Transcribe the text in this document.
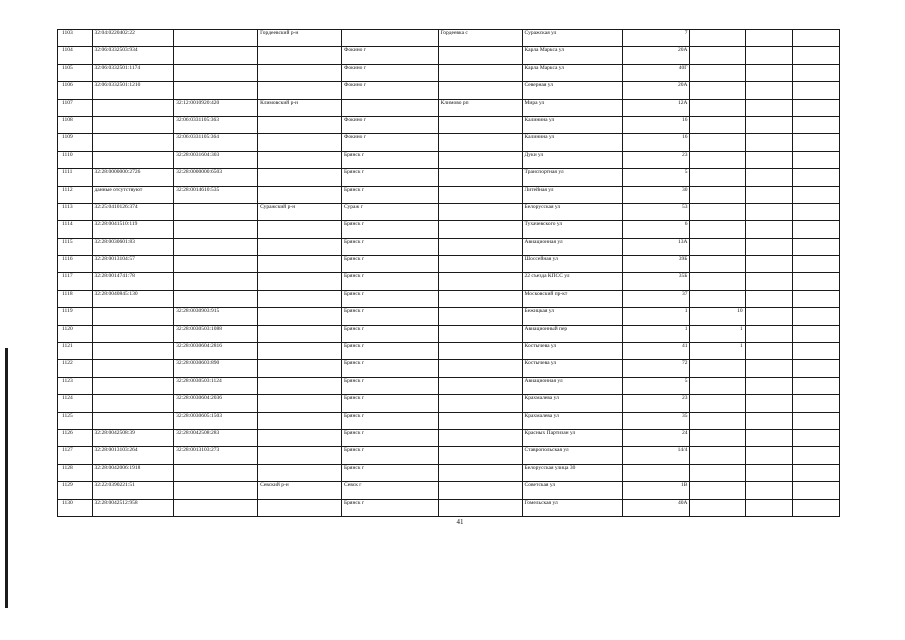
1103	32:04:0220402:22		Гордеевский р-н		Гордеевка с	Суражская ул	7			
1104	32:06:0332503:934			Фокино г		Карла Маркса ул	20А			
1105	32:06:0332501:1174			Фокино г		Карла Маркса ул	40Г			
1106	32:06:0332501:1210			Фокино г		Северная ул	20А			
1107		32:12:0010920:420	Климовский р-н		Климово рп	Мира ул	12А			
1108		32:06:0331105:363		Фокино г		Калинина ул	16			
1109		32:06:0331105:364		Фокино г		Калинина ул	16			
1110		32:28:0031604:303		Брянск г		Дуки ул	23			
1111	32:28:0000000:2726	32:28:0000000:6503		Брянск г		Транспортная ул	5			
1112	данные отсутствуют	32:28:0014610:535		Брянск г		Литейная ул	30			
1113	32:25:0410126:374		Суражский р-н	Сураж г		Белорусская ул	53			
1114	32:28:0041510:119			Брянск г		Тухачевского ул	6			
1115	32:28:0030601:83			Брянск г		Авиационная ул	13А			
1116	32:28:0013104:57			Брянск г		Шоссейная ул	39Б			
1117	32:28:0014741:78			Брянск г		22 съезда КПСС ул	35Б			
1118	32:28:0040845:130			Брянск г		Московский пр-кт	37			
1119		32:28:0030903:915		Брянск г		Бежицкая ул	1	10		
1120		32:28:0030503:1088		Брянск г		Авиационный пер	1	1		
1121		32:28:0030604:2816		Брянск г		Костычева ул	41	1		
1122		32:28:0030603:890		Брянск г		Костычева ул	72			
1123		32:28:0030503:1124		Брянск г		Авиационная ул	5			
1124		32:28:0030604:2036		Брянск г		Крахмалева ул	23			
1125		32:28:0030605:1503		Брянск г		Крахмалева ул	35			
1126	32:28:0042508:39	32:28:0042508:283		Брянск г		Красных Партизан ул	24			
1127	32:28:0013103:264	32:28:0013103:273		Брянск г		Ставропольская ул	14/4			
1128	32:28:0042006:1918			Брянск г		Белорусская улица 30				
1129	32:22:0390221:51		Севский р-н	Севск г		Советская ул	1В			
1130	32:28:0042512:958			Брянск г		Гомельская ул	40А			
41
